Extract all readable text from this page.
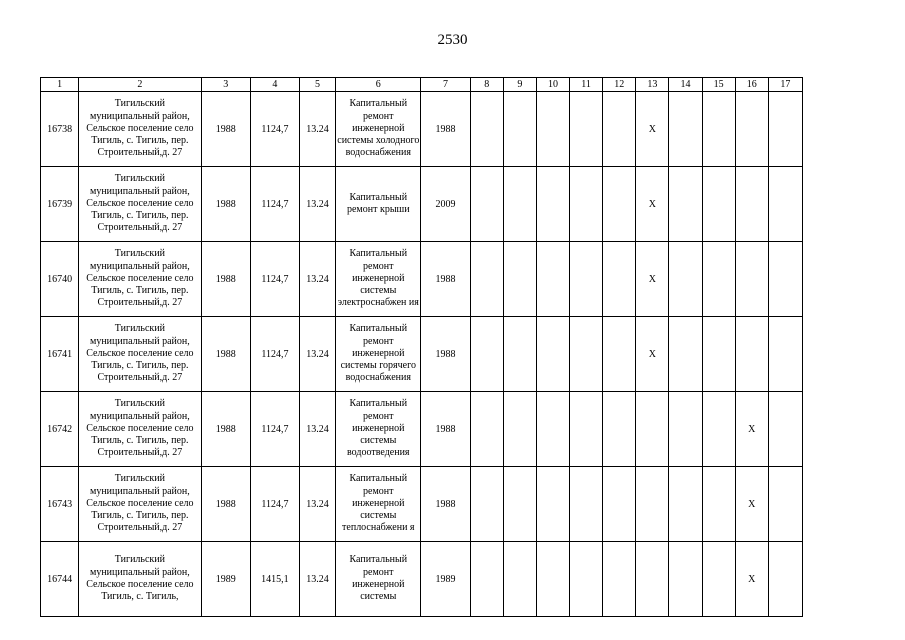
2530
1	2	3	4	5	6	7	8	9	10	11	12	13	14	15	16	17
16738	Тигильский муниципальный район, Сельское поселение село Тигиль, с. Тигиль, пер. Строительный,д. 27	1988	1124,7	13.24	Капитальный ремонт инженерной системы холодного водоснабжения	1988						X				
16739	Тигильский муниципальный район, Сельское поселение село Тигиль, с. Тигиль, пер. Строительный,д. 27	1988	1124,7	13.24	Капитальный ремонт крыши	2009						X				
16740	Тигильский муниципальный район, Сельское поселение село Тигиль, с. Тигиль, пер. Строительный,д. 27	1988	1124,7	13.24	Капитальный ремонт инженерной системы электроснабжен ия	1988						X				
16741	Тигильский муниципальный район, Сельское поселение село Тигиль, с. Тигиль, пер. Строительный,д. 27	1988	1124,7	13.24	Капитальный ремонт инженерной системы горячего водоснабжения	1988						X				
16742	Тигильский муниципальный район, Сельское поселение село Тигиль, с. Тигиль, пер. Строительный,д. 27	1988	1124,7	13.24	Капитальный ремонт инженерной системы водоотведения	1988									X	
16743	Тигильский муниципальный район, Сельское поселение село Тигиль, с. Тигиль, пер. Строительный,д. 27	1988	1124,7	13.24	Капитальный ремонт инженерной системы теплоснабжени я	1988									X	
16744	Тигильский муниципальный район, Сельское поселение село Тигиль, с. Тигиль,	1989	1415,1	13.24	Капитальный ремонт инженерной системы	1989									X	
